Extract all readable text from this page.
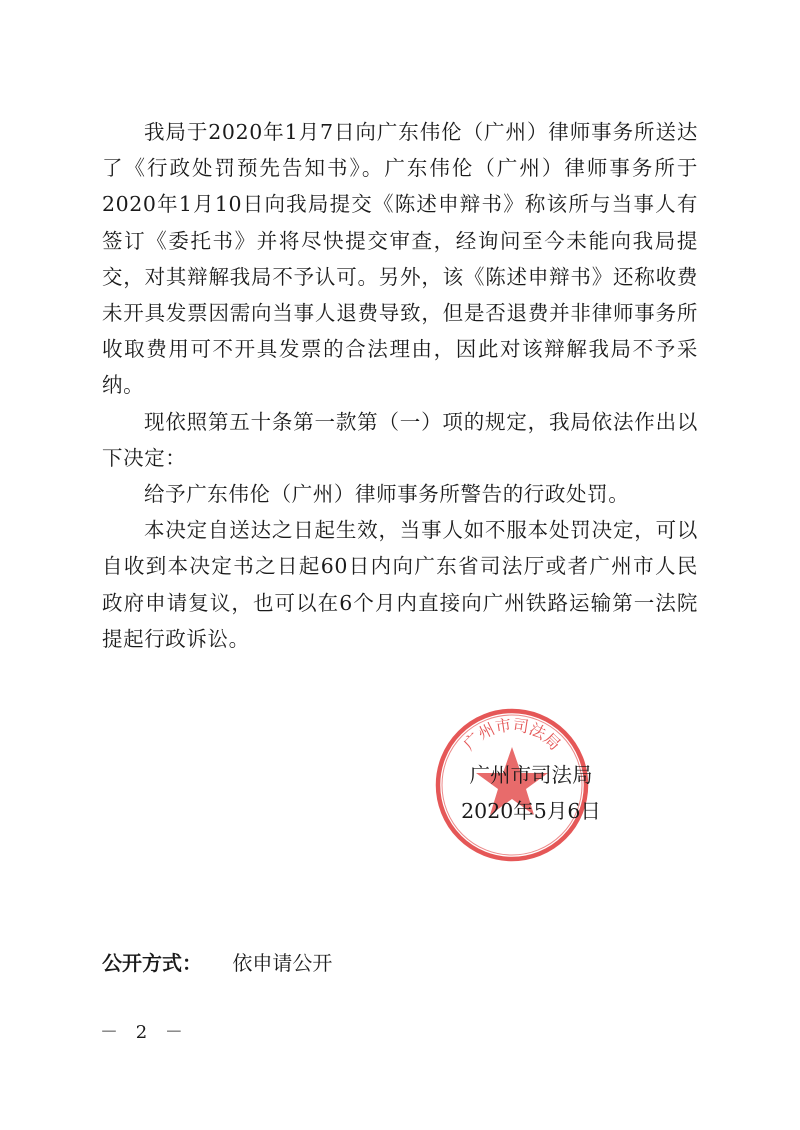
我局于2020年1月7日向广东伟伦（广州）律师事务所送达了《行政处罚预先告知书》。广东伟伦（广州）律师事务所于2020年1月10日向我局提交《陈述申辩书》称该所与当事人有签订《委托书》并将尽快提交审查，经询问至今未能向我局提交，对其辩解我局不予认可。另外，该《陈述申辩书》还称收费未开具发票因需向当事人退费导致，但是否退费并非律师事务所收取费用可不开具发票的合法理由，因此对该辩解我局不予采纳。

现依照第五十条第一款第（一）项的规定，我局依法作出以下决定：

给予广东伟伦（广州）律师事务所警告的行政处罚。

本决定自送达之日起生效，当事人如不服本处罚决定，可以自收到本决定书之日起60日内向广东省司法厅或者广州市人民政府申请复议，也可以在6个月内直接向广州铁路运输第一法院提起行政诉讼。

广州市司法局
广州市司法局
2020年5月6日
公开方式： 依申请公开
－ 2 －
